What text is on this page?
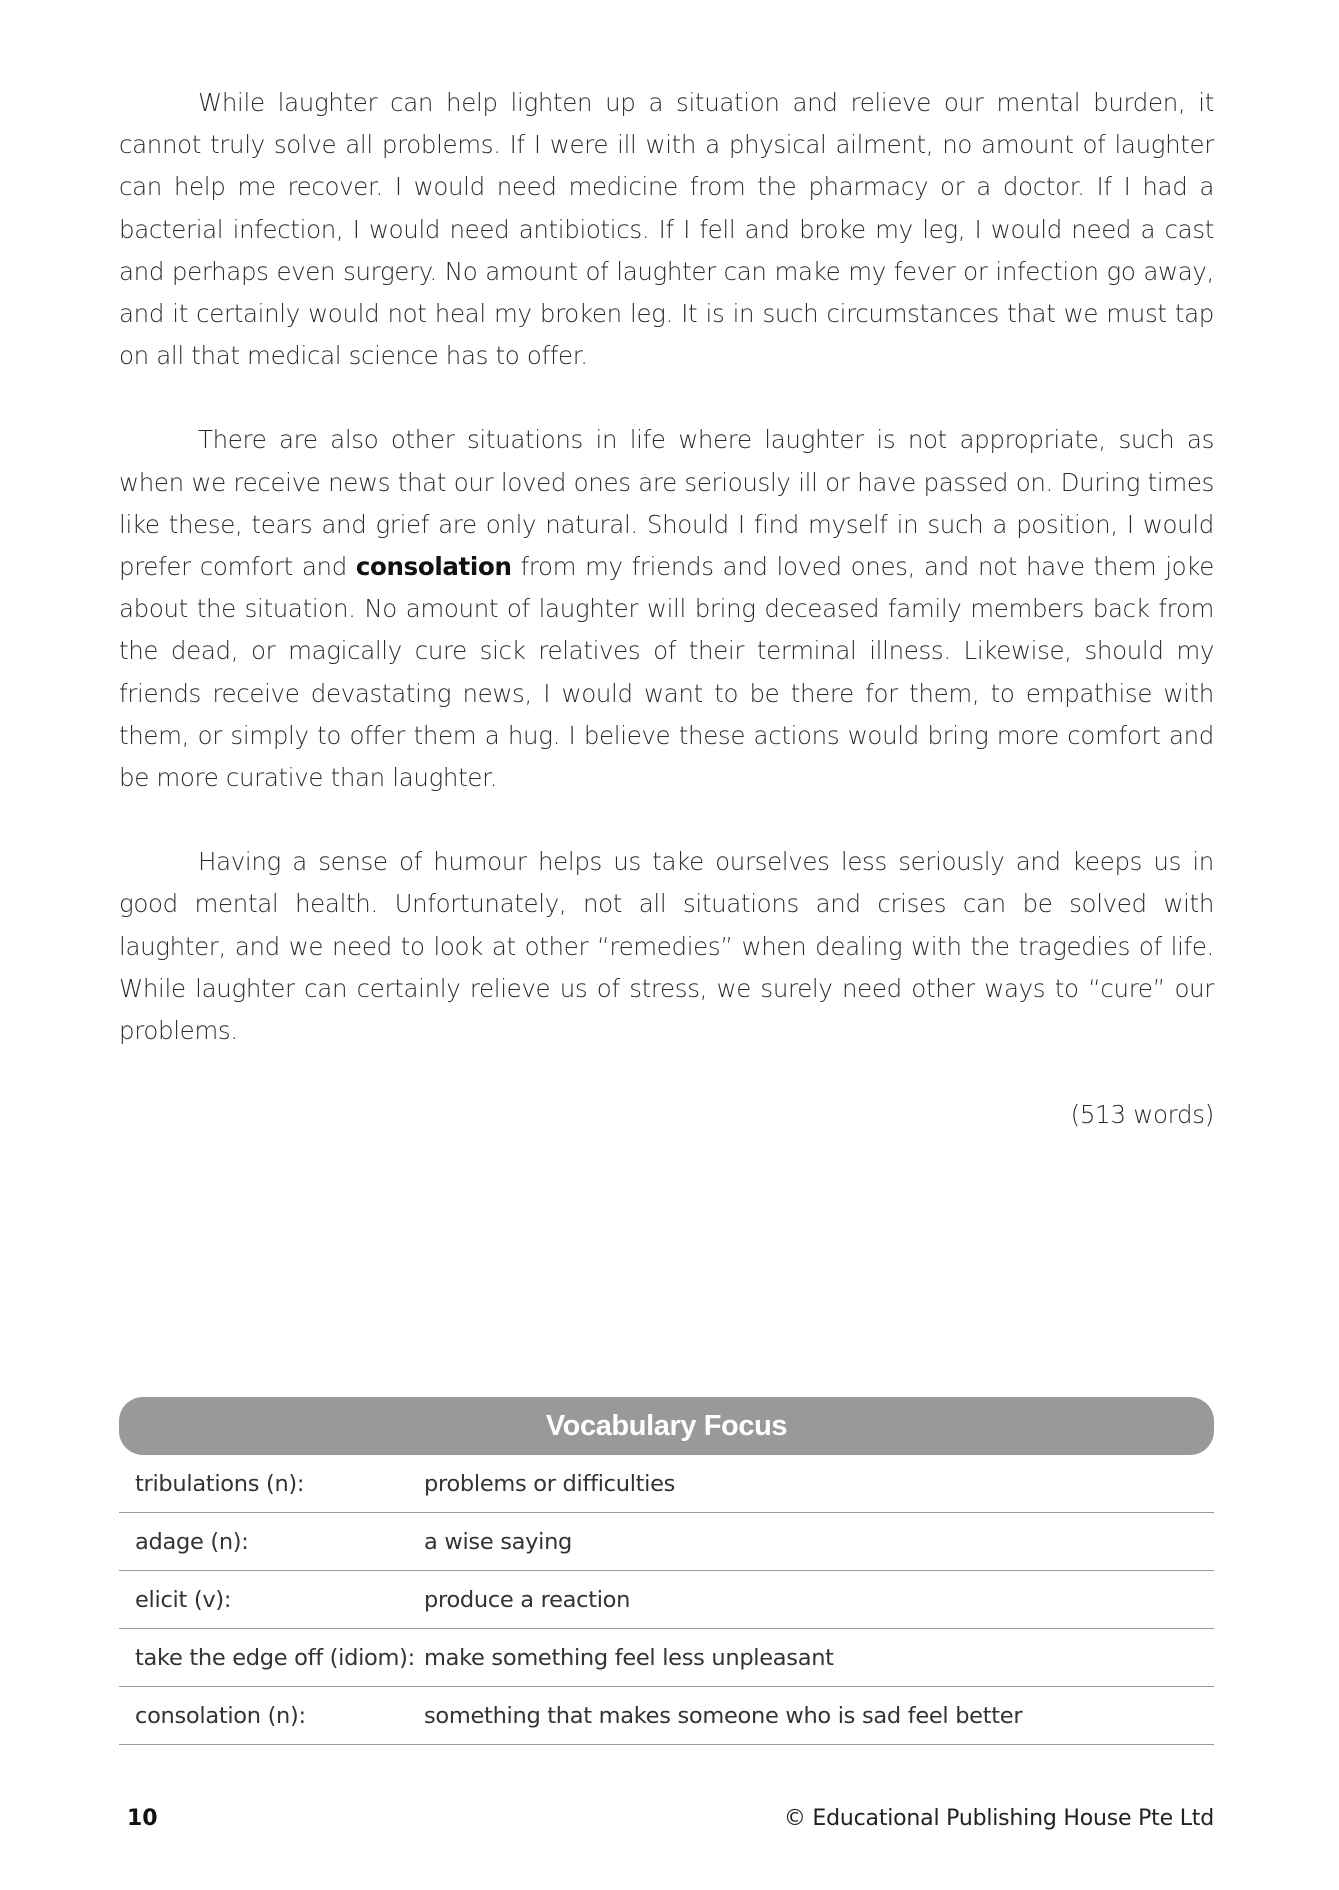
While laughter can help lighten up a situation and relieve our mental burden, it cannot truly solve all problems. If I were ill with a physical ailment, no amount of laughter can help me recover. I would need medicine from the pharmacy or a doctor. If I had a bacterial infection, I would need antibiotics. If I fell and broke my leg, I would need a cast and perhaps even surgery. No amount of laughter can make my fever or infection go away, and it certainly would not heal my broken leg. It is in such circumstances that we must tap on all that medical science has to offer.

There are also other situations in life where laughter is not appropriate, such as when we receive news that our loved ones are seriously ill or have passed on. During times like these, tears and grief are only natural. Should I find myself in such a position, I would prefer comfort and consolation from my friends and loved ones, and not have them joke about the situation. No amount of laughter will bring deceased family members back from the dead, or magically cure sick relatives of their terminal illness. Likewise, should my friends receive devastating news, I would want to be there for them, to empathise with them, or simply to offer them a hug. I believe these actions would bring more comfort and be more curative than laughter.

Having a sense of humour helps us take ourselves less seriously and keeps us in good mental health. Unfortunately, not all situations and crises can be solved with laughter, and we need to look at other “remedies” when dealing with the tragedies of life. While laughter can certainly relieve us of stress, we surely need other ways to “cure” our problems.

(513 words)
Vocabulary Focus
tribulations (n):	problems or difficulties
adage (n):	a wise saying
elicit (v):	produce a reaction
take the edge off (idiom): make something feel less unpleasant
consolation (n):	something that makes someone who is sad feel better
10	© Educational Publishing House Pte Ltd
